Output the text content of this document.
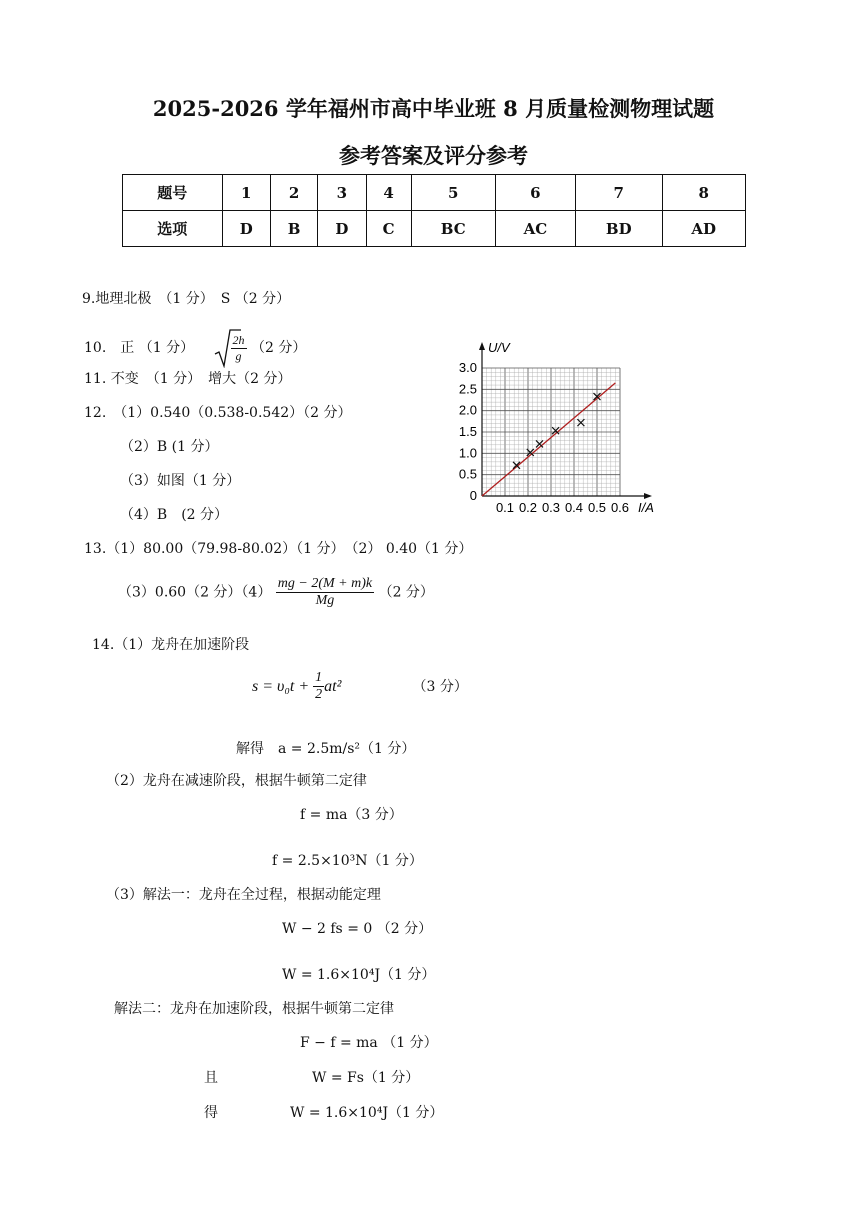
2025-2026 学年福州市高中毕业班 8 月质量检测物理试题
参考答案及评分参考
题号	1	2	3	4	5	6	7	8
选项	D	B	D	C	BC	AC	BD	AD
9.地理北极　（1 分）　S （2 分）
10.　正 （1 分）	$\frac{2h}{g} (2$ 分）
11. 不变　（1 分）　增大（2 分）
12.　（1）0.540（0.538-0.542）（2 分）
（2）B (1 分）
（3）如图（1 分）
（4）B　(2 分）	0.1 0.2 0.3 0.4 0.5 0.6
0
0.5
1.0
1.5
2.0
2.5
3.0
I/A
U/V
13.（1）80.00（79.98-80.02）（1 分）　（2） 0.40（1 分）
（3）0.60（2 分）$(4) \frac{mg - 2(M + m)k}{Mg} (2$ 分）
14.（1）龙舟在加速阶段
$s = \upsilon_0t + \frac{1}{2} at^2$	（3 分）
解得　a = 2.5m/s²（1 分）
（2）龙舟在减速阶段，根据牛顿第二定律
f = ma（3 分）
f = 2.5×10³N（1 分）
（3）解法一：龙舟在全过程，根据动能定理
W − 2 fs = 0 （2 分）
W = 1.6×10⁴J（1 分）
解法二：龙舟在加速阶段，根据牛顿第二定律
F − f = ma （1 分）
且	W = Fs（1 分）
得	W = 1.6×10⁴J（1 分）
